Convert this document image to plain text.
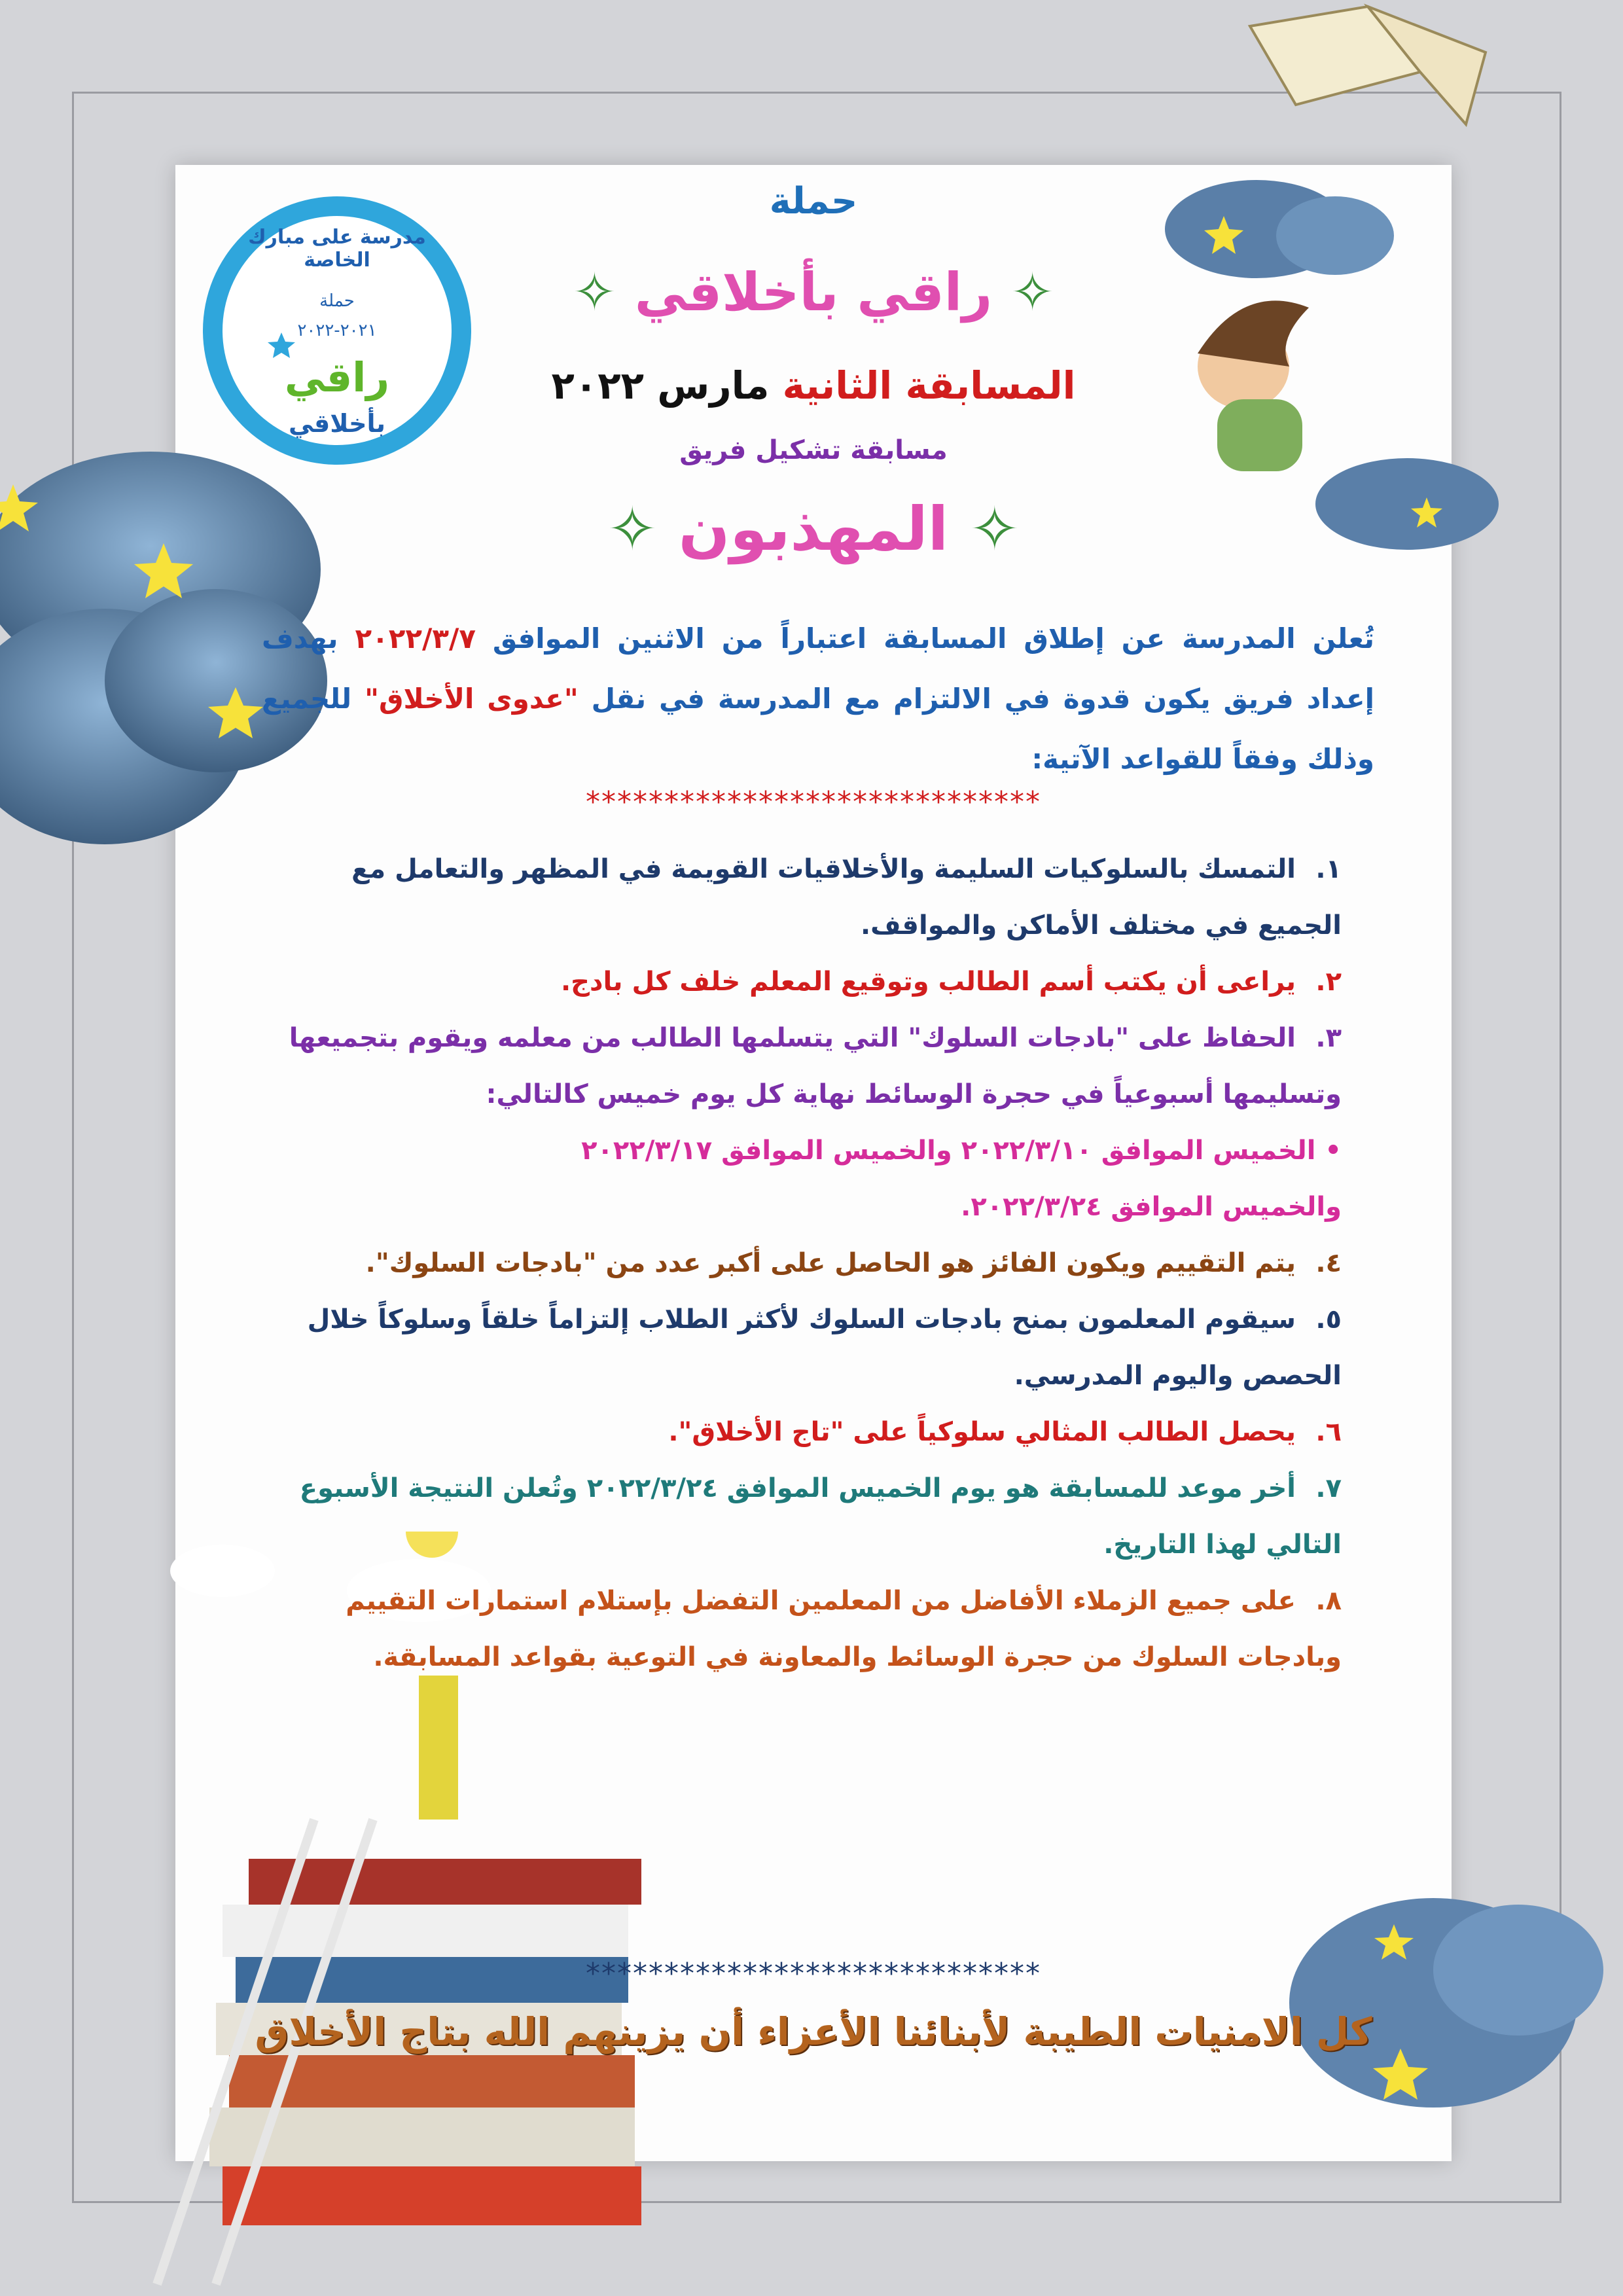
مدرسة على مبارك الخاصة
حملة
٢٠٢١-٢٠٢٢
راقي
بأخلاقي
حملة
✧ راقي بأخلاقي ✧
المسابقة الثانية مارس ٢٠٢٢
مسابقة تشكيل فريق
✧ المهذبون ✧
تُعلن المدرسة عن إطلاق المسابقة اعتباراً من الاثنين الموافق ٢٠٢٢/٣/٧ بهدف إعداد فريق يكون قدوة في الالتزام مع المدرسة في نقل "عدوى الأخلاق" للجميع وذلك وفقاً للقواعد الآتية:
*****************************
١.التمسك بالسلوكيات السليمة والأخلاقيات القويمة في المظهر والتعامل مع الجميع في مختلف الأماكن والمواقف.
٢.يراعى أن يكتب أسم الطالب وتوقيع المعلم خلف كل بادج.
٣.الحفاظ على "بادجات السلوك" التي يتسلمها الطالب من معلمه ويقوم بتجميعها وتسليمها أسبوعياً في حجرة الوسائط نهاية كل يوم خميس كالتالي:
• الخميس الموافق ٢٠٢٢/٣/١٠ والخميس الموافق ٢٠٢٢/٣/١٧
والخميس الموافق ٢٠٢٢/٣/٢٤.
٤.يتم التقييم ويكون الفائز هو الحاصل على أكبر عدد من "بادجات السلوك".
٥.سيقوم المعلمون بمنح بادجات السلوك لأكثر الطلاب إلتزاماً خلقاً وسلوكاً خلال الحصص واليوم المدرسي.
٦.يحصل الطالب المثالي سلوكياً على "تاج الأخلاق".
٧.أخر موعد للمسابقة هو يوم الخميس الموافق ٢٠٢٢/٣/٢٤ وتُعلن النتيجة الأسبوع التالي لهذا التاريخ.
٨.على جميع الزملاء الأفاضل من المعلمين التفضل بإستلام استمارات التقييم وبادجات السلوك من حجرة الوسائط والمعاونة في التوعية بقواعد المسابقة.
*****************************
كل الامنيات الطيبة لأبنائنا الأعزاء أن يزينهم الله بتاج الأخلاق
